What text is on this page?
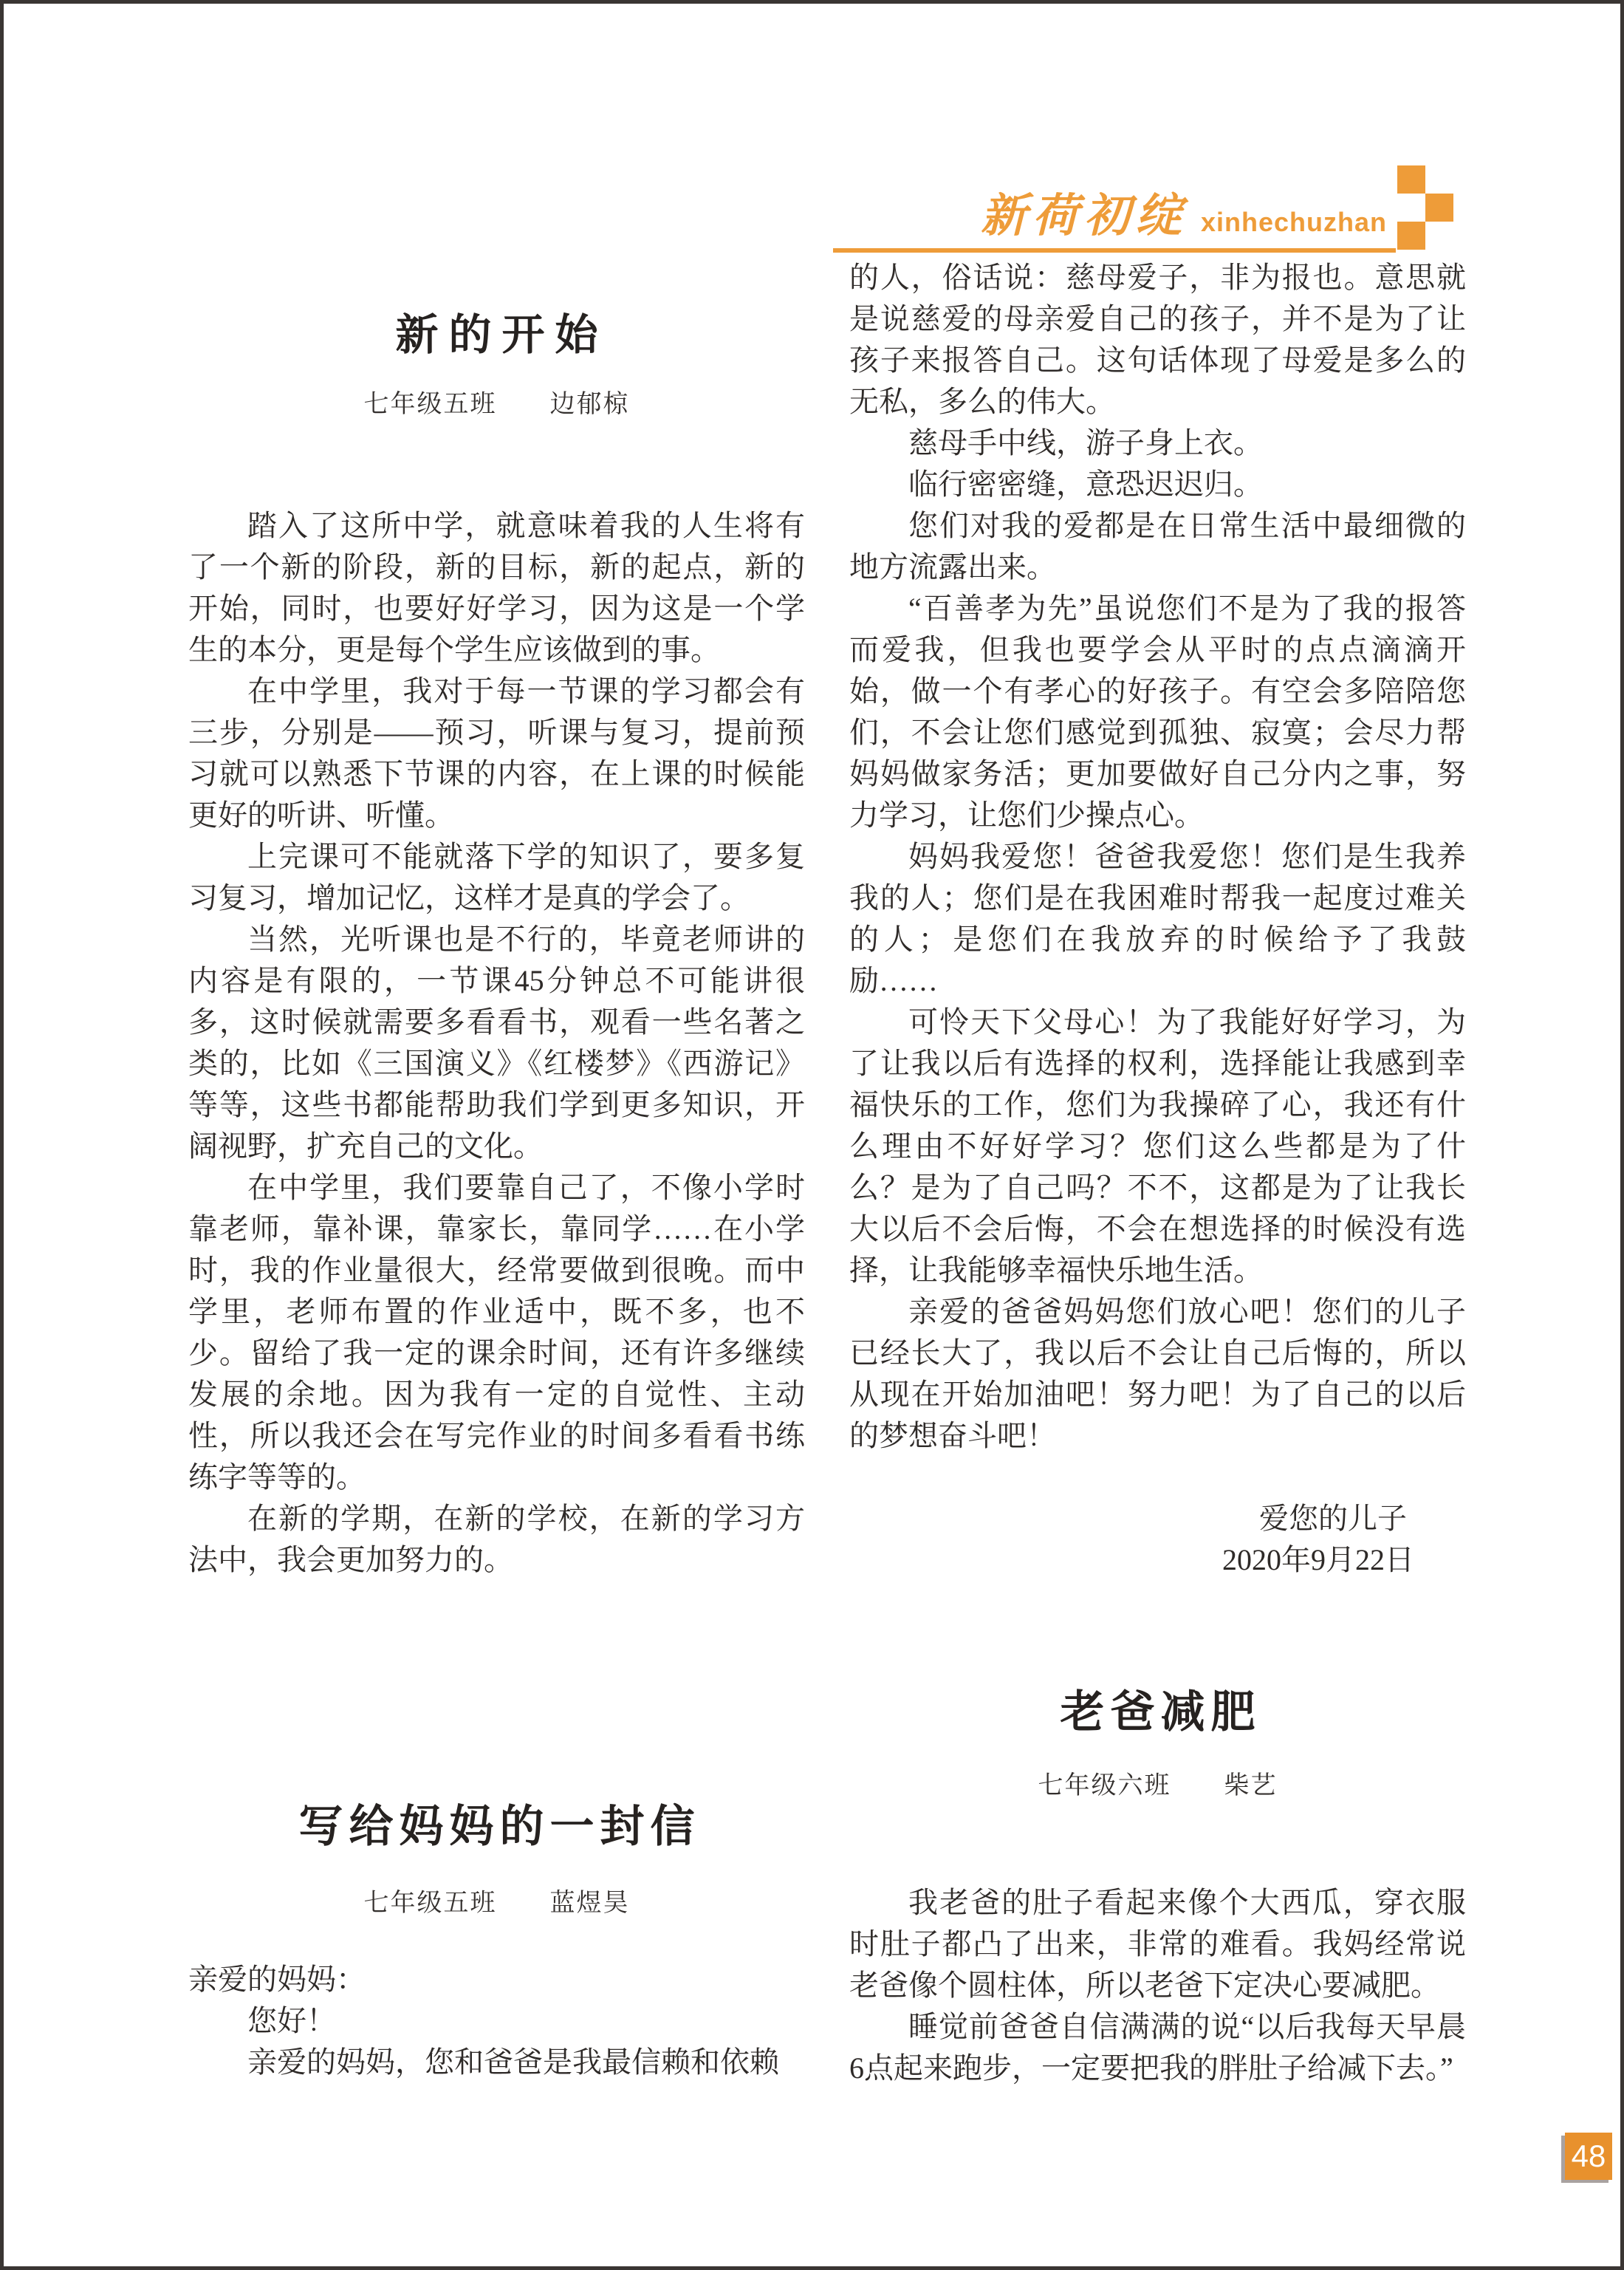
新荷初绽 xinhechuzhan
新的开始
七年级五班　　边郁椋

踏入了这所中学，就意味着我的人生将有了一个新的阶段，新的目标，新的起点，新的开始，同时，也要好好学习，因为这是一个学生的本分，更是每个学生应该做到的事。

在中学里，我对于每一节课的学习都会有三步，分别是——预习，听课与复习，提前预习就可以熟悉下节课的内容，在上课的时候能更好的听讲、听懂。

上完课可不能就落下学的知识了，要多复习复习，增加记忆，这样才是真的学会了。

当然，光听课也是不行的，毕竟老师讲的内容是有限的，一节课45分钟总不可能讲很多，这时候就需要多看看书，观看一些名著之类的，比如《三国演义》《红楼梦》《西游记》等等，这些书都能帮助我们学到更多知识，开阔视野，扩充自己的文化。

在中学里，我们要靠自己了，不像小学时靠老师，靠补课，靠家长，靠同学……在小学时，我的作业量很大，经常要做到很晚。而中学里，老师布置的作业适中，既不多，也不少。留给了我一定的课余时间，还有许多继续发展的余地。因为我有一定的自觉性、主动性，所以我还会在写完作业的时间多看看书练练字等等的。

在新的学期，在新的学校，在新的学习方法中，我会更加努力的。

写给妈妈的一封信
七年级五班　　蓝煜昊

亲爱的妈妈：

您好！

亲爱的妈妈，您和爸爸是我最信赖和依赖

的人，俗话说：慈母爱子，非为报也。意思就是说慈爱的母亲爱自己的孩子，并不是为了让孩子来报答自己。这句话体现了母爱是多么的无私，多么的伟大。

慈母手中线，游子身上衣。

临行密密缝，意恐迟迟归。

您们对我的爱都是在日常生活中最细微的地方流露出来。

“百善孝为先”虽说您们不是为了我的报答而爱我，但我也要学会从平时的点点滴滴开始，做一个有孝心的好孩子。有空会多陪陪您们，不会让您们感觉到孤独、寂寞；会尽力帮妈妈做家务活；更加要做好自己分内之事，努力学习，让您们少操点心。

妈妈我爱您！爸爸我爱您！您们是生我养我的人；您们是在我困难时帮我一起度过难关的人；是您们在我放弃的时候给予了我鼓励……

可怜天下父母心！为了我能好好学习，为了让我以后有选择的权利，选择能让我感到幸福快乐的工作，您们为我操碎了心，我还有什么理由不好好学习？您们这么些都是为了什么？是为了自己吗？不不，这都是为了让我长大以后不会后悔，不会在想选择的时候没有选择，让我能够幸福快乐地生活。

亲爱的爸爸妈妈您们放心吧！您们的儿子已经长大了，我以后不会让自己后悔的，所以从现在开始加油吧！努力吧！为了自己的以后的梦想奋斗吧！

爱您的儿子

2020年9月22日

老爸减肥
七年级六班　　柴艺

我老爸的肚子看起来像个大西瓜，穿衣服时肚子都凸了出来，非常的难看。我妈经常说老爸像个圆柱体，所以老爸下定决心要减肥。

睡觉前爸爸自信满满的说“以后我每天早晨6点起来跑步，一定要把我的胖肚子给减下去。”

48
